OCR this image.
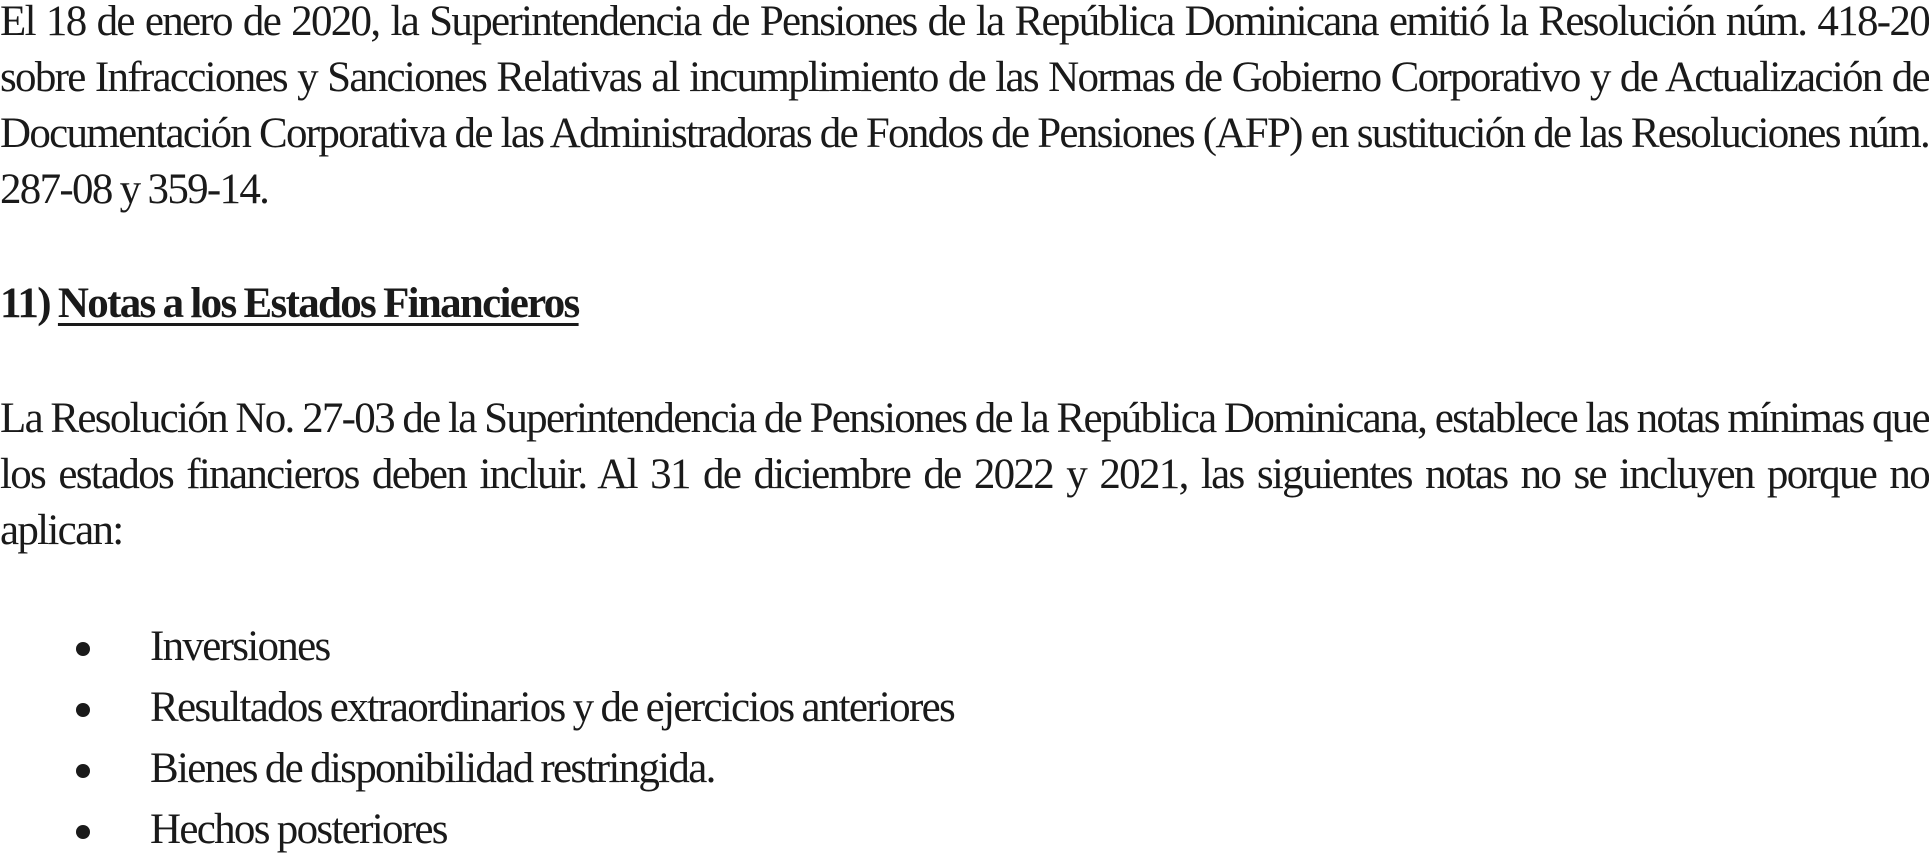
El 18 de enero de 2020, la Superintendencia de Pensiones de la República Dominicana emitió la Resolución núm. 418-20 sobre Infracciones y Sanciones Relativas al incumplimiento de las Normas de Gobierno Corporativo y de Actualización de Documentación Corporativa de las Administradoras de Fondos de Pensiones (AFP) en sustitución de las Resoluciones núm. 287-08 y 359-14.

11) Notas a los Estados Financieros

La Resolución No. 27-03 de la Superintendencia de Pensiones de la República Dominicana, establece las notas mínimas que los estados financieros deben incluir. Al 31 de diciembre de 2022 y 2021, las siguientes notas no se incluyen porque no aplican:

Inversiones
Resultados extraordinarios y de ejercicios anteriores
Bienes de disponibilidad restringida.
Hechos posteriores
